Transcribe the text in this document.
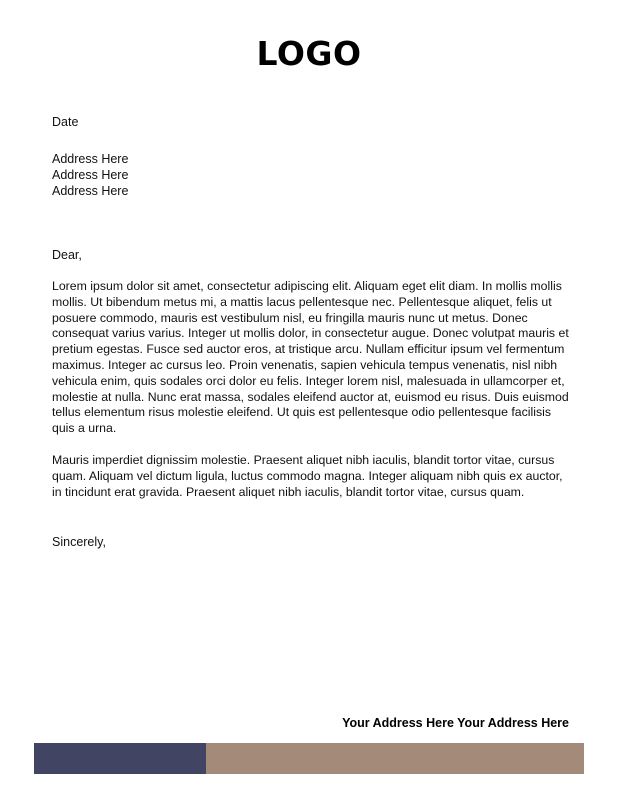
LOGO
Date
Address Here
Address Here
Address Here
Dear,

Lorem ipsum dolor sit amet, consectetur adipiscing elit. Aliquam eget elit diam. In mollis mollis mollis. Ut bibendum metus mi, a mattis lacus pellentesque nec. Pellentesque aliquet, felis ut posuere commodo, mauris est vestibulum nisl, eu fringilla mauris nunc ut metus. Donec consequat varius varius. Integer ut mollis dolor, in consectetur augue. Donec volutpat mauris et pretium egestas. Fusce sed auctor eros, at tristique arcu. Nullam efficitur ipsum vel fermentum maximus. Integer ac cursus leo. Proin venenatis, sapien vehicula tempus venenatis, nisl nibh vehicula enim, quis sodales orci dolor eu felis. Integer lorem nisl, malesuada in ullamcorper et, molestie at nulla. Nunc erat massa, sodales eleifend auctor at, euismod eu risus. Duis euismod tellus elementum risus molestie eleifend. Ut quis est pellentesque odio pellentesque facilisis quis a urna.

Mauris imperdiet dignissim molestie. Praesent aliquet nibh iaculis, blandit tortor vitae, cursus quam. Aliquam vel dictum ligula, luctus commodo magna. Integer aliquam nibh quis ex auctor, in tincidunt erat gravida. Praesent aliquet nibh iaculis, blandit tortor vitae, cursus quam.

Sincerely,
Your Address Here Your Address Here
